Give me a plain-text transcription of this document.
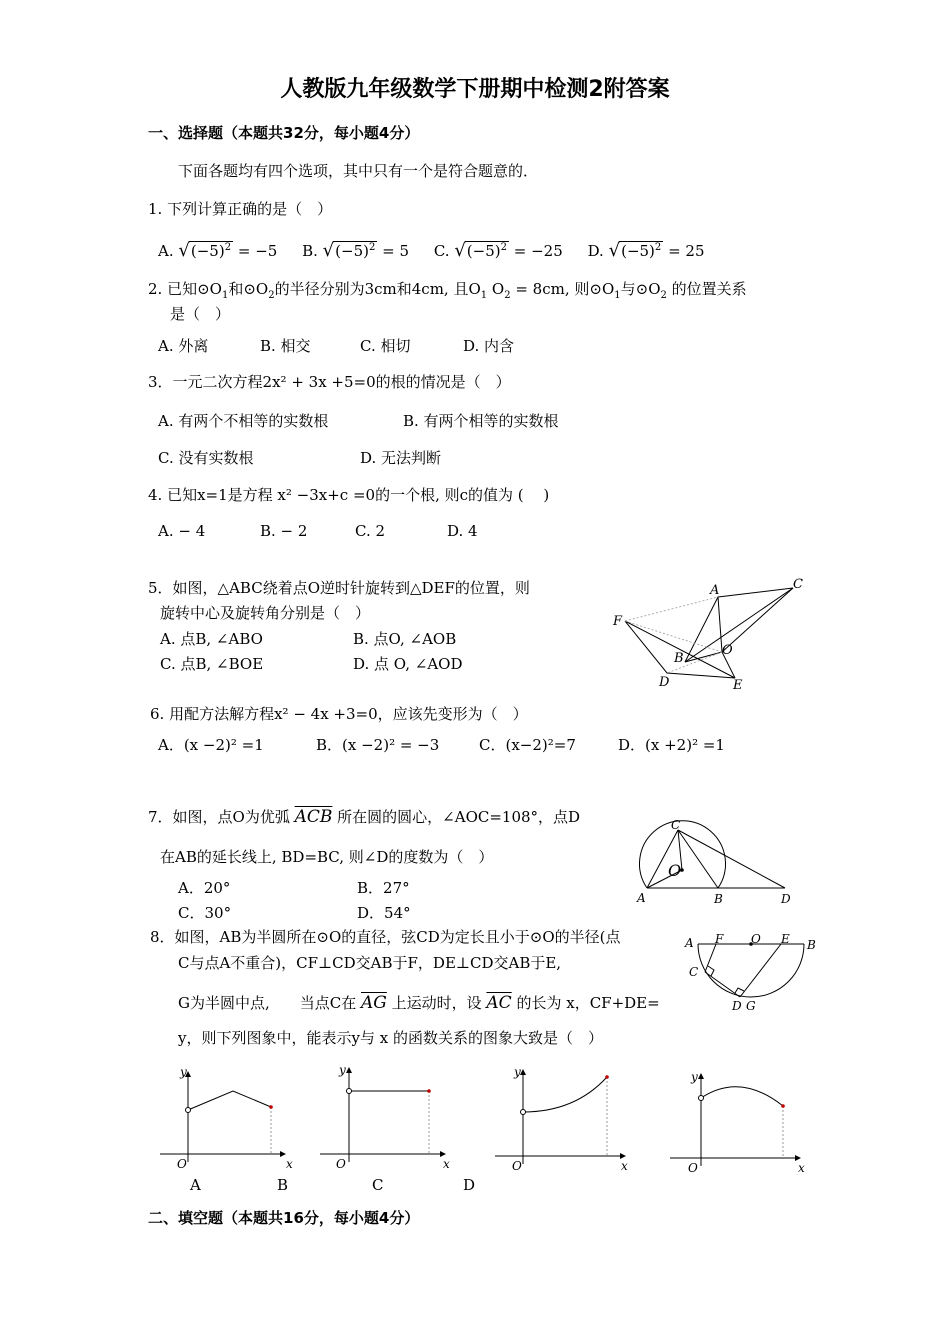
人教版九年级数学下册期中检测2附答案
一、选择题（本题共32分，每小题4分）
下面各题均有四个选项，其中只有一个是符合题意的．
1. 下列计算正确的是（　）
A. $√(-5)^2 = -5$ B. $√(-5)^2 = 5$ C. $√(-5)^2 = -25$ D. $√(-5)^2 = 25$
2. 已知$⊙O_1$和$⊙O_2$的半径分别为3cm和4cm, 且$O_1$ $O_2 = 8cm$, 则$⊙O_1$与$⊙O_2$ 的位置关系
是（　）
A. 外离	B. 相交	C. 相切	D. 内含
3．一元二次方程2x² + 3x +5=0的根的情况是（　）
A. 有两个不相等的实数根	B. 有两个相等的实数根
C. 没有实数根	D. 无法判断
4. 已知x=1是方程 x² −3x+c =0的一个根, 则c的值为 (　 )
A. − 4	B. − 2	C. 2	D. 4
5．如图，△ABC绕着点O逆时针旋转到△DEF的位置，则
旋转中心及旋转角分别是（　）
A. 点B, ∠ABO	B. 点O, ∠AOB
C. 点B, ∠BOE	D. 点 O, ∠AOD
A	C
F
B
O
D	E
6. 用配方法解方程x² − 4x +3=0，应该先变形为（　）
A．(x −2)² =1	B．(x −2)² = −3	C．(x−2)²=7	D．(x +2)² =1
7．如图，点O为优弧 $\overline{ACB}$ 所在圆的圆心，∠AOC=108°，点D
在AB的延长线上, BD=BC, 则∠D的度数为（　）
A．20°	B．27°
C．30°	D．54°
C
O
A	B	D
8．如图，AB为半圆所在⊙O的直径，弦CD为定长且小于⊙O的半径(点
C与点A不重合)，CF⊥CD交AB于F，DE⊥CD交AB于E,
G为半圆中点,　　当点C在 $\overline{AG}$ 上运动时，设 $\overline{AC}$ 的长为 x，CF+DE=
y，则下列图象中，能表示y与 x 的函数关系的图象大致是（　）
A F O E B
C
D G
y
x
O
y
x
O
y
x
O
y
x
O
A	B	C	D
二、填空题（本题共16分，每小题4分）
